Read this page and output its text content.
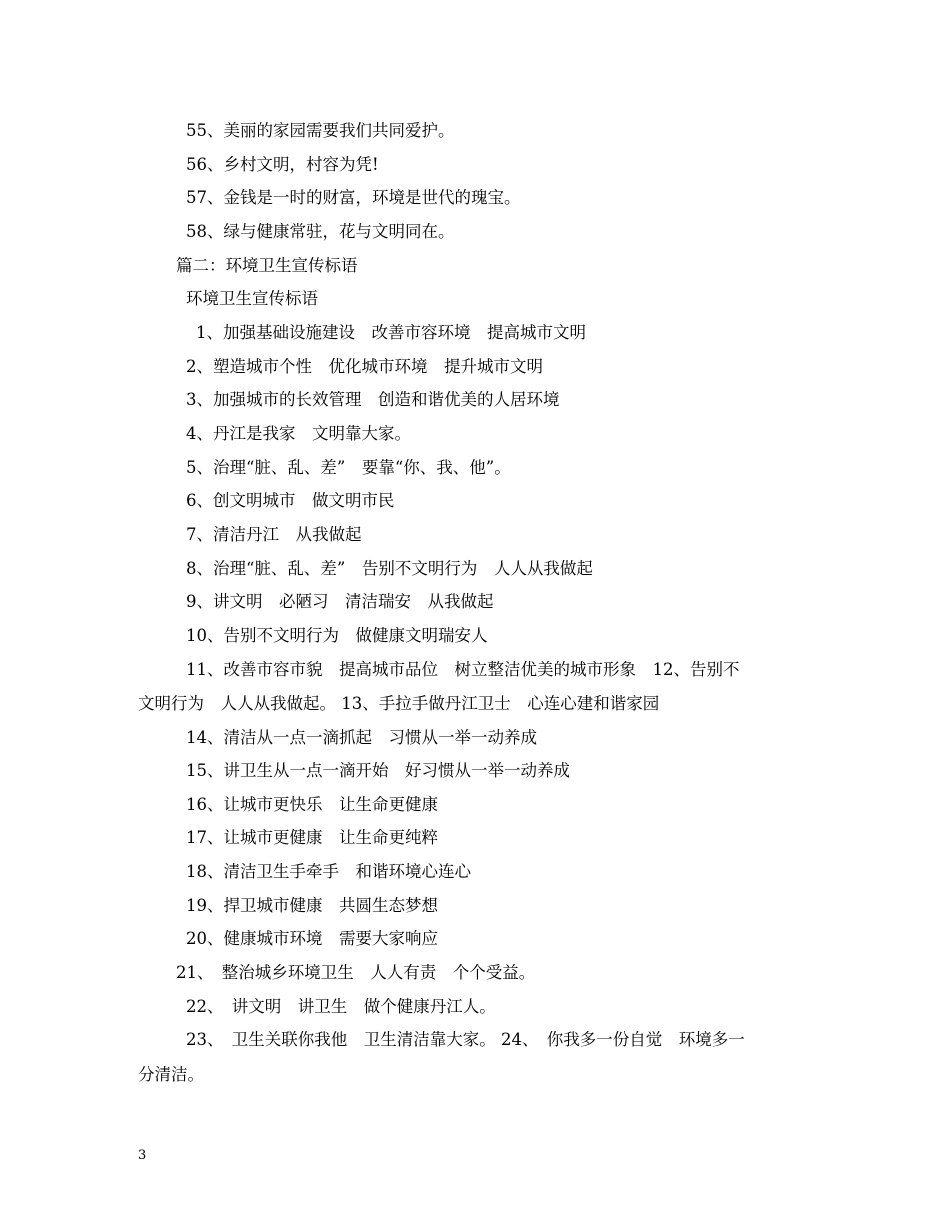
55、美丽的家园需要我们共同爱护。
56、乡村文明，村容为凭!
57、金钱是一时的财富，环境是世代的瑰宝。
58、绿与健康常驻，花与文明同在。
篇二：环境卫生宣传标语
环境卫生宣传标语
1、加强基础设施建设　改善市容环境　提高城市文明
2、塑造城市个性　优化城市环境　提升城市文明
3、加强城市的长效管理　创造和谐优美的人居环境
4、丹江是我家　文明靠大家。
5、治理“脏、乱、差”　要靠“你、我、他”。
6、创文明城市　做文明市民
7、清洁丹江　从我做起
8、治理“脏、乱、差”　告别不文明行为　人人从我做起
9、讲文明　必陋习　清洁瑞安　从我做起
10、告别不文明行为　做健康文明瑞安人
11、改善市容市貌　提高城市品位　树立整洁优美的城市形象　12、告别不
文明行为　人人从我做起。 13、手拉手做丹江卫士　心连心建和谐家园
14、清洁从一点一滴抓起　习惯从一举一动养成
15、讲卫生从一点一滴开始　好习惯从一举一动养成
16、让城市更快乐　让生命更健康
17、让城市更健康　让生命更纯粹
18、清洁卫生手牵手　和谐环境心连心
19、捍卫城市健康　共圆生态梦想
20、健康城市环境　需要大家响应
21、　整治城乡环境卫生　人人有责　个个受益。
22、　讲文明　讲卫生　做个健康丹江人。
23、　卫生关联你我他　卫生清洁靠大家。 24、　你我多一份自觉　环境多一
分清洁。
3
